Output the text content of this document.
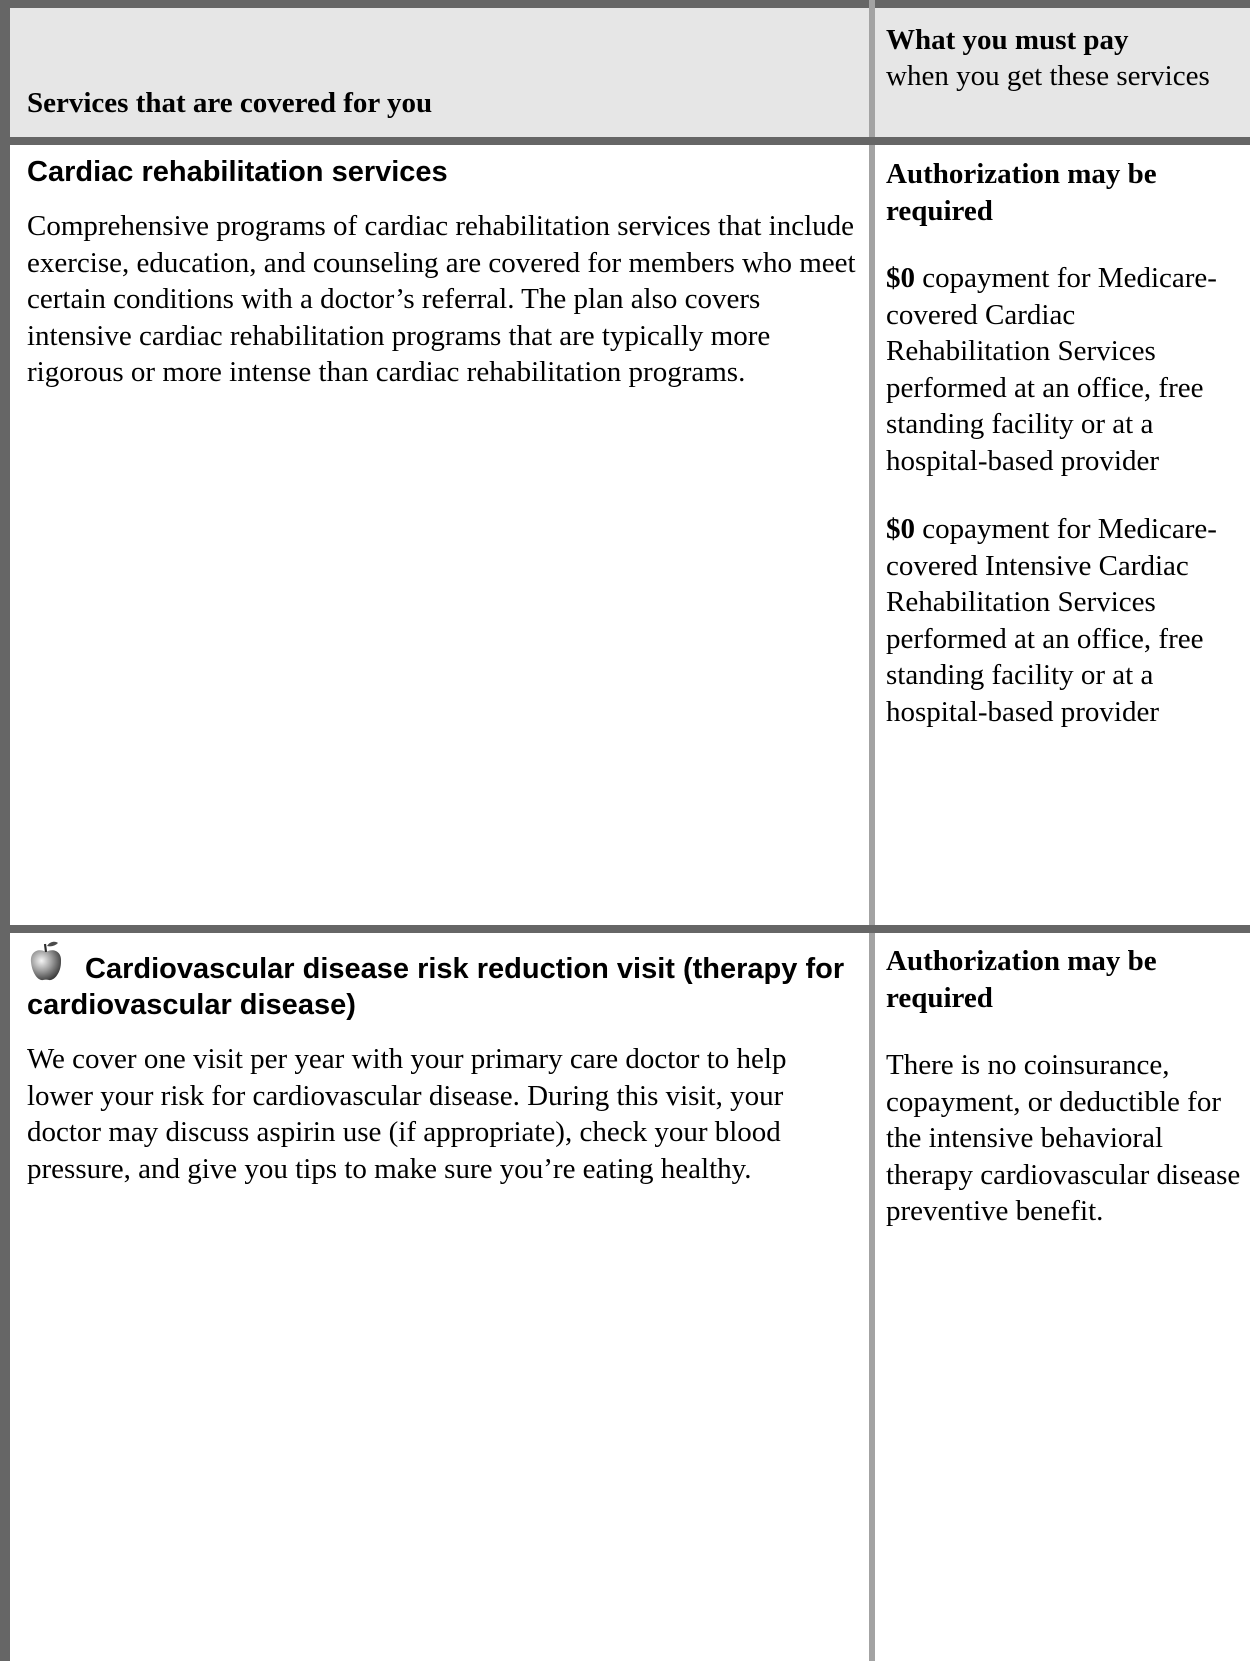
Services that are covered for you
What you must pay
when you get these services

Cardiac rehabilitation services

Comprehensive programs of cardiac rehabilitation services that include exercise, education, and counseling are covered for members who meet certain conditions with a doctor’s referral. The plan also covers intensive cardiac rehabilitation programs that are typically more rigorous or more intense than cardiac rehabilitation programs.

Authorization may be required

$0 copayment for Medicare-covered Cardiac Rehabilitation Services performed at an office, free standing facility or at a hospital-based provider

$0 copayment for Medicare-covered Intensive Cardiac Rehabilitation Services performed at an office, free standing facility or at a hospital-based provider

Cardiovascular disease risk reduction visit (therapy for cardiovascular disease)

We cover one visit per year with your primary care doctor to help lower your risk for cardiovascular disease. During this visit, your doctor may discuss aspirin use (if appropriate), check your blood pressure, and give you tips to make sure you’re eating healthy.

Authorization may be required

There is no coinsurance, copayment, or deductible for the intensive behavioral therapy cardiovascular disease preventive benefit.
